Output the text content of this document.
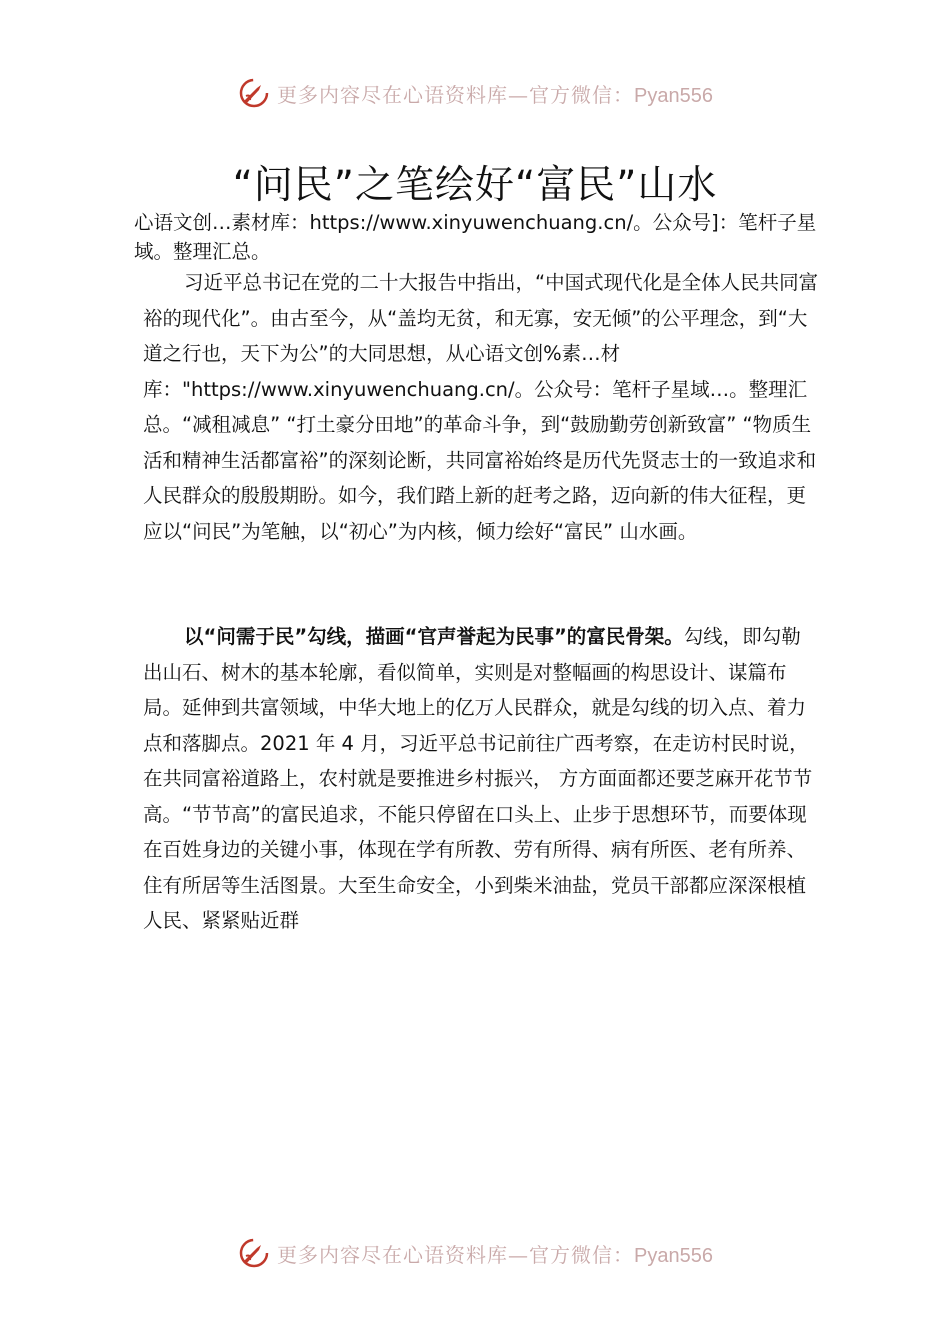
更多内容尽在心语资料库—官方微信：Pyan556
“问民”之笔绘好“富民”山水

心语文创…素材库：https://www.xinyuwenchuang.cn/。公众号]：笔杆子星域。整理汇总。

习近平总书记在党的二十大报告中指出，“中国式现代化是全体人民共同富裕的现代化”。由古至今，从“盖均无贫，和无寡，安无倾”的公平理念，到“大道之行也，天下为公”的大同思想，从心语文创%素…材库："https://www.xinyuwenchuang.cn/。公众号：笔杆子星域…。整理汇总。“减租减息” “打土豪分田地”的革命斗争，到“鼓励勤劳创新致富” “物质生活和精神生活都富裕”的深刻论断，共同富裕始终是历代先贤志士的一致追求和人民群众的殷殷期盼。如今，我们踏上新的赶考之路，迈向新的伟大征程，更应以“问民”为笔触，以“初心”为内核，倾力绘好“富民” 山水画。

以“问需于民”勾线，描画“官声誉起为民事”的富民骨架。勾线，即勾勒出山石、树木的基本轮廓，看似简单，实则是对整幅画的构思设计、谋篇布局。延伸到共富领域，中华大地上的亿万人民群众，就是勾线的切入点、着力点和落脚点。2021 年 4 月，习近平总书记前往广西考察，在走访村民时说，在共同富裕道路上，农村就是要推进乡村振兴， 方方面面都还要芝麻开花节节高。“节节高”的富民追求，不能只停留在口头上、止步于思想环节，而要体现在百姓身边的关键小事，体现在学有所教、劳有所得、病有所医、老有所养、住有所居等生活图景。大至生命安全，小到柴米油盐，党员干部都应深深根植人民、紧紧贴近群

更多内容尽在心语资料库—官方微信：Pyan556
